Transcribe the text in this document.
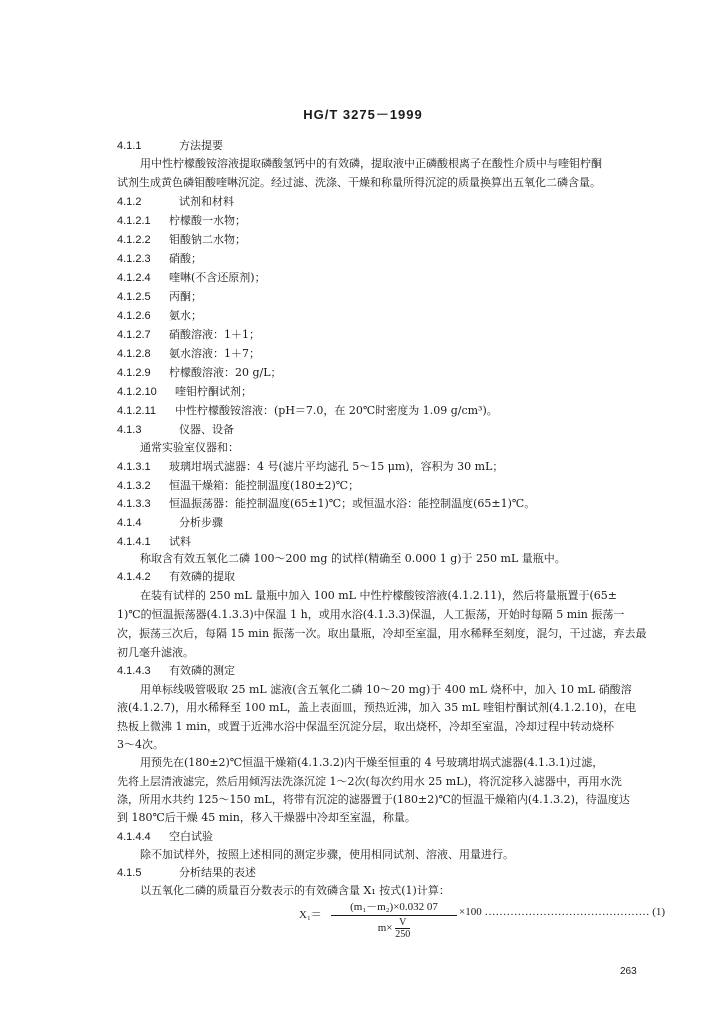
HG/T 3275－1999
4.1.1	方法提要
用中性柠檬酸铵溶液提取磷酸氢钙中的有效磷，提取液中正磷酸根离子在酸性介质中与喹钼柠酮
试剂生成黄色磷钼酸喹啉沉淀。经过滤、洗涤、干燥和称量所得沉淀的质量换算出五氧化二磷含量。
4.1.2	试剂和材料
4.1.2.1 柠檬酸一水物；
4.1.2.2 钼酸钠二水物；
4.1.2.3 硝酸；
4.1.2.4 喹啉(不含还原剂)；
4.1.2.5 丙酮；
4.1.2.6 氨水；
4.1.2.7 硝酸溶液：1＋1；
4.1.2.8 氨水溶液：1＋7；
4.1.2.9 柠檬酸溶液：20 g/L；
4.1.2.10 喹钼柠酮试剂；
4.1.2.11 中性柠檬酸铵溶液：(pH＝7.0，在 20℃时密度为 1.09 g/cm³)。
4.1.3	仪器、设备
通常实验室仪器和：
4.1.3.1 玻璃坩埚式滤器：4 号(滤片平均滤孔 5～15 μm)，容积为 30 mL；
4.1.3.2 恒温干燥箱：能控制温度(180±2)℃；
4.1.3.3 恒温振荡器：能控制温度(65±1)℃；或恒温水浴：能控制温度(65±1)℃。
4.1.4	分析步骤
4.1.4.1 试料
称取含有效五氧化二磷 100～200 mg 的试样(精确至 0.000 1 g)于 250 mL 量瓶中。
4.1.4.2 有效磷的提取
在装有试样的 250 mL 量瓶中加入 100 mL 中性柠檬酸铵溶液(4.1.2.11)，然后将量瓶置于(65±
1)℃的恒温振荡器(4.1.3.3)中保温 1 h，或用水浴(4.1.3.3)保温，人工振荡，开始时每隔 5 min 振荡一
次，振荡三次后，每隔 15 min 振荡一次。取出量瓶，冷却至室温，用水稀释至刻度，混匀，干过滤，弃去最
初几毫升滤液。
4.1.4.3 有效磷的测定
用单标线吸管吸取 25 mL 滤液(含五氧化二磷 10～20 mg)于 400 mL 烧杯中，加入 10 mL 硝酸溶
液(4.1.2.7)，用水稀释至 100 mL，盖上表面皿，预热近沸，加入 35 mL 喹钼柠酮试剂(4.1.2.10)，在电
热板上微沸 1 min，或置于近沸水浴中保温至沉淀分层，取出烧杯，冷却至室温，冷却过程中转动烧杯
3～4次。
用预先在(180±2)℃恒温干燥箱(4.1.3.2)内干燥至恒重的 4 号玻璃坩埚式滤器(4.1.3.1)过滤，
先将上层清液滤完，然后用倾泻法洗涤沉淀 1～2次(每次约用水 25 mL)，将沉淀移入滤器中，再用水洗
涤，所用水共约 125～150 mL，将带有沉淀的滤器置于(180±2)℃的恒温干燥箱内(4.1.3.2)，待温度达
到 180℃后干燥 45 min，移入干燥器中冷却至室温，称量。
4.1.4.4 空白试验
除不加试样外，按照上述相同的测定步骤，使用相同试剂、溶液、用量进行。
4.1.5	分析结果的表述
以五氧化二磷的质量百分数表示的有效磷含量 X₁ 按式(1)计算：
$X_1= \frac{\text{(m₁－m₂)×0.032 07}}{m\times \frac{V}{250}} \times 100$ ……………………………………… (1)
263
